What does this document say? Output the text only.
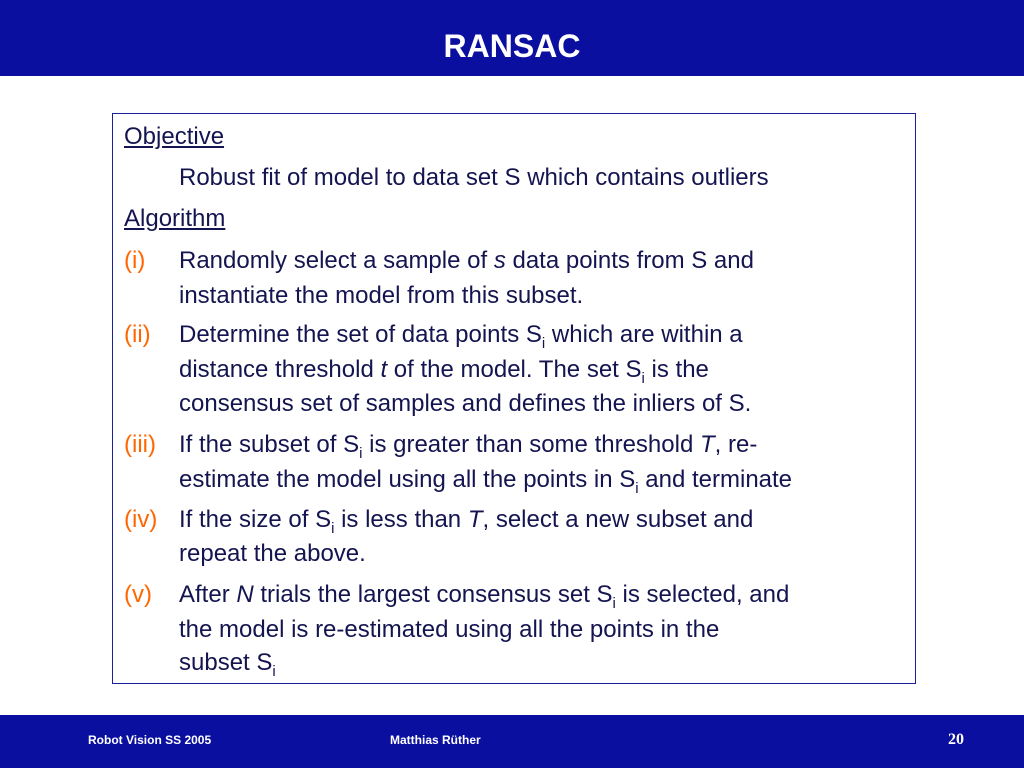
RANSAC
Objective
Robust fit of model to data set S which contains outliers
Algorithm
(i) Randomly select a sample of s data points from S and
instantiate the model from this subset.
(ii) Determine the set of data points $S_i$ which are within a
distance threshold t of the model. The set $S_i$ is the
consensus set of samples and defines the inliers of S.
(iii) If the subset of $S_i$ is greater than some threshold T, re-
estimate the model using all the points in $S_i$ and terminate
(iv) If the size of $S_i$ is less than T, select a new subset and
repeat the above.
(v) After N trials the largest consensus set $S_i$ is selected, and
the model is re-estimated using all the points in the
subset $S_i$
Robot Vision SS 2005	Matthias Rüther	20
